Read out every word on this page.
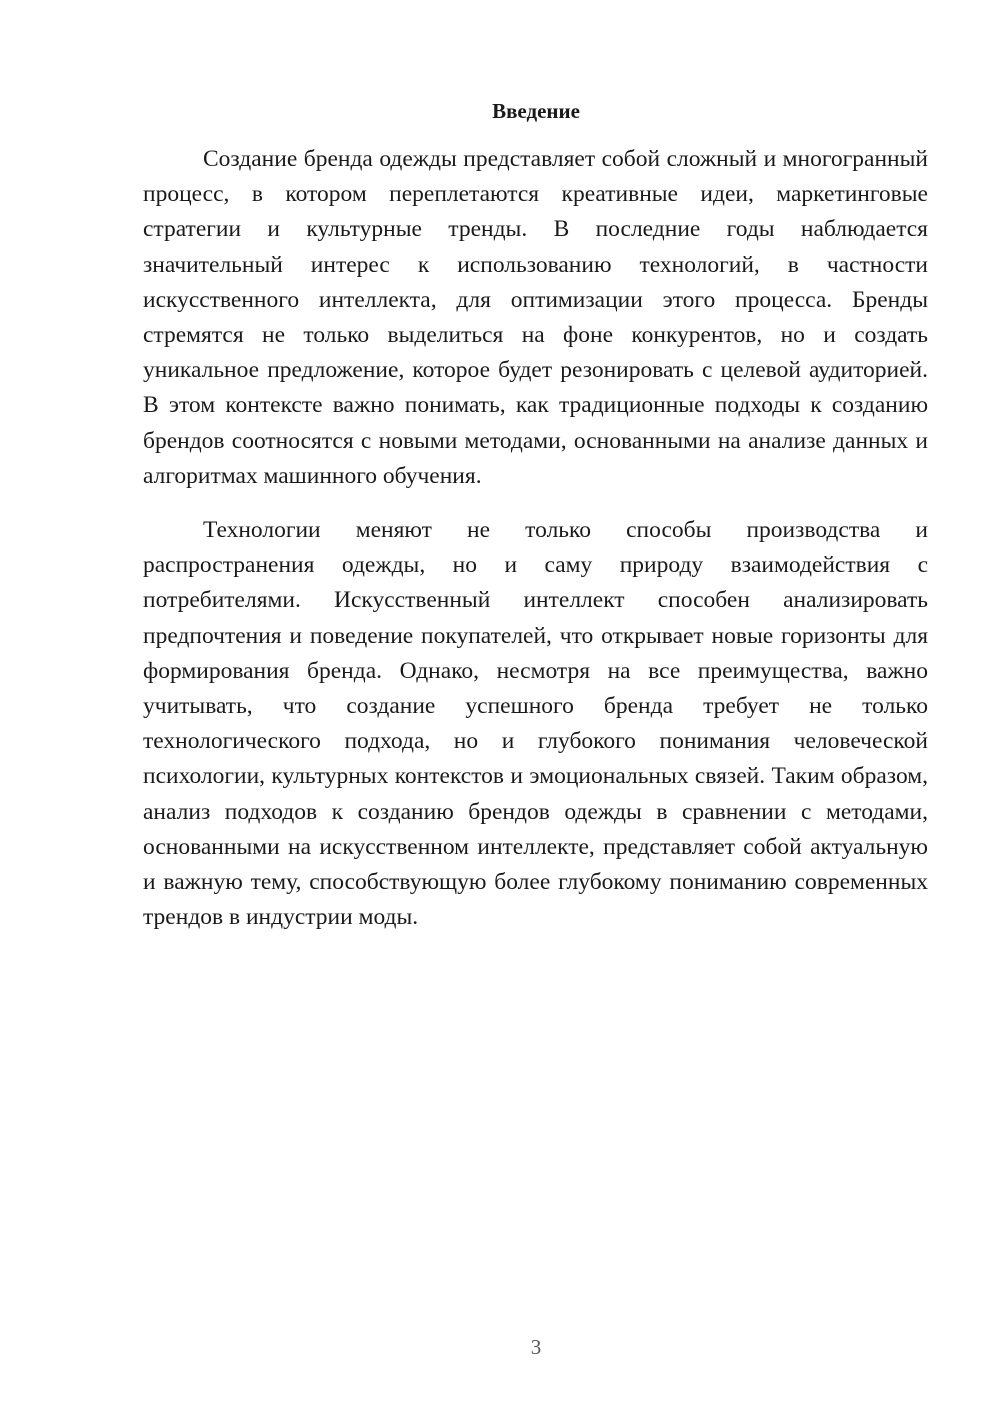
Введение

Создание бренда одежды представляет собой сложный и многогранный процесс, в котором переплетаются креативные идеи, маркетинговые стратегии и культурные тренды. В последние годы наблюдается значительный интерес к использованию технологий, в частности искусственного интеллекта, для оптимизации этого процесса. Бренды стремятся не только выделиться на фоне конкурентов, но и создать уникальное предложение, которое будет резонировать с целевой аудиторией. В этом контексте важно понимать, как традиционные подходы к созданию брендов соотносятся с новыми методами, основанными на анализе данных и алгоритмах машинного обучения.

Технологии меняют не только способы производства и распространения одежды, но и саму природу взаимодействия с потребителями. Искусственный интеллект способен анализировать предпочтения и поведение покупателей, что открывает новые горизонты для формирования бренда. Однако, несмотря на все преимущества, важно учитывать, что создание успешного бренда требует не только технологического подхода, но и глубокого понимания человеческой психологии, культурных контекстов и эмоциональных связей. Таким образом, анализ подходов к созданию брендов одежды в сравнении с методами, основанными на искусственном интеллекте, представляет собой актуальную и важную тему, способствующую более глубокому пониманию современных трендов в индустрии моды.

3
